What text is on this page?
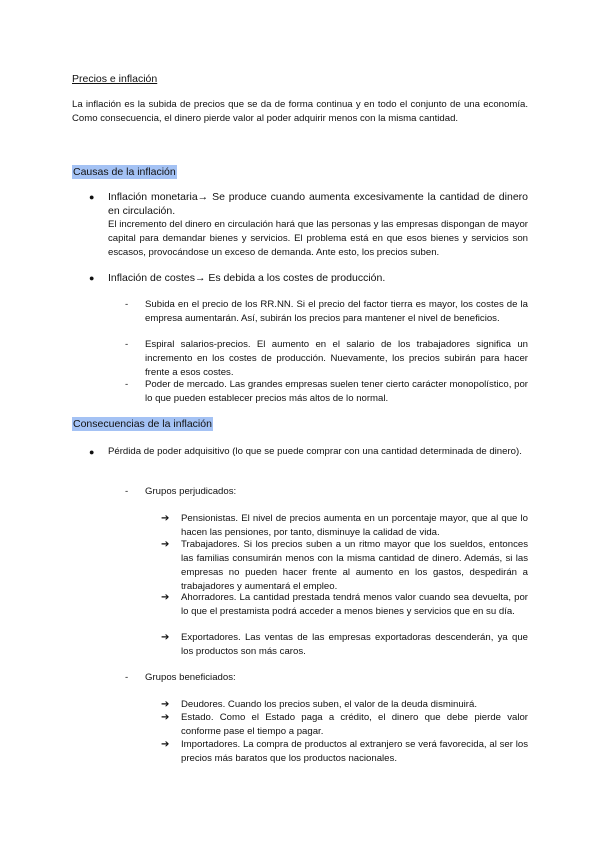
Precios e inflación
La inflación es la subida de precios que se da de forma continua y en todo el conjunto de una economía. Como consecuencia, el dinero pierde valor al poder adquirir menos con la misma cantidad.
Causas de la inflación
● Inflación monetaria→ Se produce cuando aumenta excesivamente la cantidad de dinero en circulación.
El incremento del dinero en circulación hará que las personas y las empresas dispongan de mayor capital para demandar bienes y servicios. El problema está en que esos bienes y servicios son escasos, provocándose un exceso de demanda. Ante esto, los precios suben.
● Inflación de costes→ Es debida a los costes de producción.
- Subida en el precio de los RR.NN. Si el precio del factor tierra es mayor, los costes de la empresa aumentarán. Así, subirán los precios para mantener el nivel de beneficios.
- Espiral salarios-precios. El aumento en el salario de los trabajadores significa un incremento en los costes de producción. Nuevamente, los precios subirán para hacer frente a esos costes.
- Poder de mercado. Las grandes empresas suelen tener cierto carácter monopolístico, por lo que pueden establecer precios más altos de lo normal.
Consecuencias de la inflación
● Pérdida de poder adquisitivo (lo que se puede comprar con una cantidad determinada de dinero).
- Grupos perjudicados:
➔ Pensionistas. El nivel de precios aumenta en un porcentaje mayor, que al que lo hacen las pensiones, por tanto, disminuye la calidad de vida.
➔ Trabajadores. Si los precios suben a un ritmo mayor que los sueldos, entonces las familias consumirán menos con la misma cantidad de dinero. Además, si las empresas no pueden hacer frente al aumento en los gastos, despedirán a trabajadores y aumentará el empleo.
➔ Ahorradores. La cantidad prestada tendrá menos valor cuando sea devuelta, por lo que el prestamista podrá acceder a menos bienes y servicios que en su día.
➔ Exportadores. Las ventas de las empresas exportadoras descenderán, ya que los productos son más caros.
- Grupos beneficiados:
➔ Deudores. Cuando los precios suben, el valor de la deuda disminuirá.
➔ Estado. Como el Estado paga a crédito, el dinero que debe pierde valor conforme pase el tiempo a pagar.
➔ Importadores. La compra de productos al extranjero se verá favorecida, al ser los precios más baratos que los productos nacionales.
